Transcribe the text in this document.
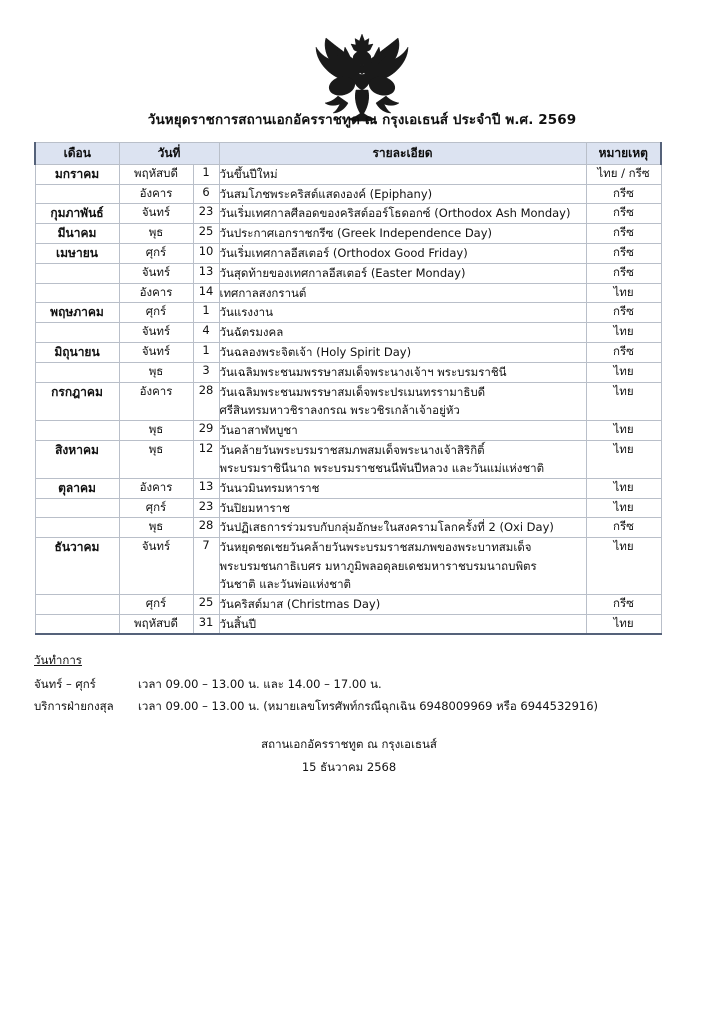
วันหยุดราชการสถานเอกอัครราชทูต ณ กรุงเอเธนส์ ประจำปี พ.ศ. 2569
เดือน	วันที่		รายละเอียด	หมายเหตุ
มกราคม	พฤหัสบดี	1	วันขึ้นปีใหม่	ไทย / กรีซ
	อังคาร	6	วันสมโภชพระคริสต์แสดงองค์ (Epiphany)	กรีซ
กุมภาพันธ์	จันทร์	23	วันเริ่มเทศกาลศีลอดของคริสต์ออร์โธดอกซ์ (Orthodox Ash Monday)	กรีซ
มีนาคม	พุธ	25	วันประกาศเอกราชกรีซ (Greek Independence Day)	กรีซ
เมษายน	ศุกร์	10	วันเริ่มเทศกาลอีสเตอร์ (Orthodox Good Friday)	กรีซ
	จันทร์	13	วันสุดท้ายของเทศกาลอีสเตอร์ (Easter Monday)	กรีซ
	อังคาร	14	เทศกาลสงกรานต์	ไทย
พฤษภาคม	ศุกร์	1	วันแรงงาน	กรีซ
	จันทร์	4	วันฉัตรมงคล	ไทย
มิถุนายน	จันทร์	1	วันฉลองพระจิตเจ้า (Holy Spirit Day)	กรีซ
	พุธ	3	วันเฉลิมพระชนมพรรษาสมเด็จพระนางเจ้าฯ พระบรมราชินี	ไทย
กรกฎาคม	อังคาร	28	วันเฉลิมพระชนมพรรษาสมเด็จพระปรเมนทรรามาธิบดี
ศรีสินทรมหาวชิราลงกรณ พระวชิรเกล้าเจ้าอยู่หัว	ไทย
	พุธ	29	วันอาสาฬหบูชา	ไทย
สิงหาคม	พุธ	12	วันคล้ายวันพระบรมราชสมภพสมเด็จพระนางเจ้าสิริกิติ์
พระบรมราชินีนาถ พระบรมราชชนนีพันปีหลวง และวันแม่แห่งชาติ	ไทย
ตุลาคม	อังคาร	13	วันนวมินทรมหาราช	ไทย
	ศุกร์	23	วันปิยมหาราช	ไทย
	พุธ	28	วันปฏิเสธการร่วมรบกับกลุ่มอักษะในสงครามโลกครั้งที่ 2 (Oxi Day)	กรีซ
ธันวาคม	จันทร์	7	วันหยุดชดเชยวันคล้ายวันพระบรมราชสมภพของพระบาทสมเด็จ
พระบรมชนกาธิเบศร มหาภูมิพลอดุลยเดชมหาราชบรมนาถบพิตร
วันชาติ และวันพ่อแห่งชาติ	ไทย
	ศุกร์	25	วันคริสต์มาส (Christmas Day)	กรีซ
	พฤหัสบดี	31	วันสิ้นปี	ไทย
วันทำการ
จันทร์ – ศุกร์	เวลา 09.00 – 13.00 น. และ 14.00 – 17.00 น.
บริการฝ่ายกงสุล เวลา 09.00 – 13.00 น. (หมายเลขโทรศัพท์กรณีฉุกเฉิน 6948009969 หรือ 6944532916)
สถานเอกอัครราชทูต ณ กรุงเอเธนส์
15 ธันวาคม 2568
